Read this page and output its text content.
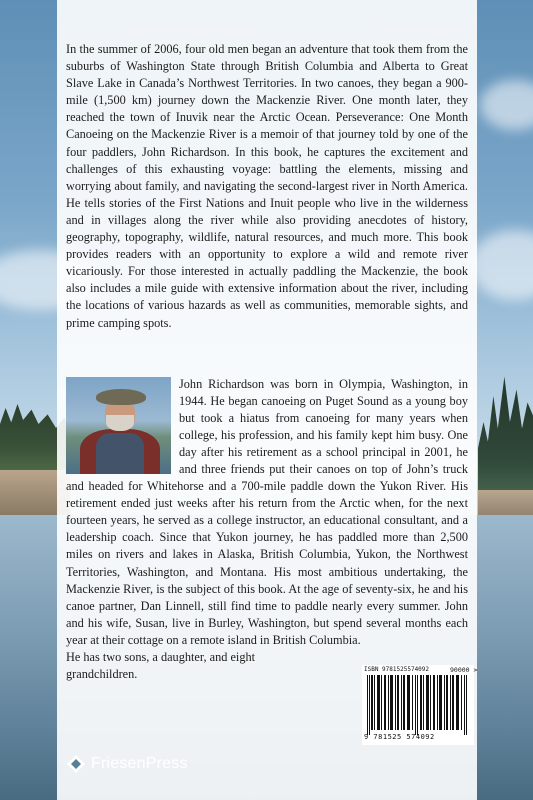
In the summer of 2006, four old men began an adventure that took them from the suburbs of Washington State through British Columbia and Alberta to Great Slave Lake in Canada’s Northwest Territories. In two canoes, they began a 900-mile (1,500 km) journey down the Mackenzie River. One month later, they reached the town of Inuvik near the Arctic Ocean. Perseverance: One Month Canoeing on the Mackenzie River is a memoir of that journey told by one of the four paddlers, John Richardson. In this book, he captures the excitement and challenges of this exhausting voyage: battling the elements, missing and worrying about family, and navigating the second-largest river in North America. He tells stories of the First Nations and Inuit people who live in the wilderness and in villages along the river while also providing anecdotes of history, geography, topography, wildlife, natural resources, and much more. This book provides readers with an opportunity to explore a wild and remote river vicariously. For those interested in actually paddling the Mackenzie, the book also includes a mile guide with extensive information about the river, including the locations of various hazards as well as communities, memorable sights, and prime camping spots.

John Richardson was born in Olympia, Washington, in 1944. He began canoeing on Puget Sound as a young boy but took a hiatus from canoeing for many years when college, his profession, and his family kept him busy. One day after his retirement as a school principal in 2001, he and three friends put their canoes on top of John’s truck and headed for Whitehorse and a 700-mile paddle down the Yukon River. His retirement ended just weeks after his return from the Arctic when, for the next fourteen years, he served as a college instructor, an educational consultant, and a leadership coach. Since that Yukon journey, he has paddled more than 2,500 miles on rivers and lakes in Alaska, British Columbia, Yukon, the Northwest Territories, Washington, and Montana. His most ambitious undertaking, the Mackenzie River, is the subject of this book. At the age of seventy-six, he and his canoe partner, Dan Linnell, still find time to paddle nearly every summer. John and his wife, Susan, live in Burley, Washington, but spend several months each year at their cottage on a remote island in British Columbia.

He has two sons, a daughter, and eight
grandchildren.	ISBN 9781525574092	90000 >
9 781525 574092
FriesenPress
